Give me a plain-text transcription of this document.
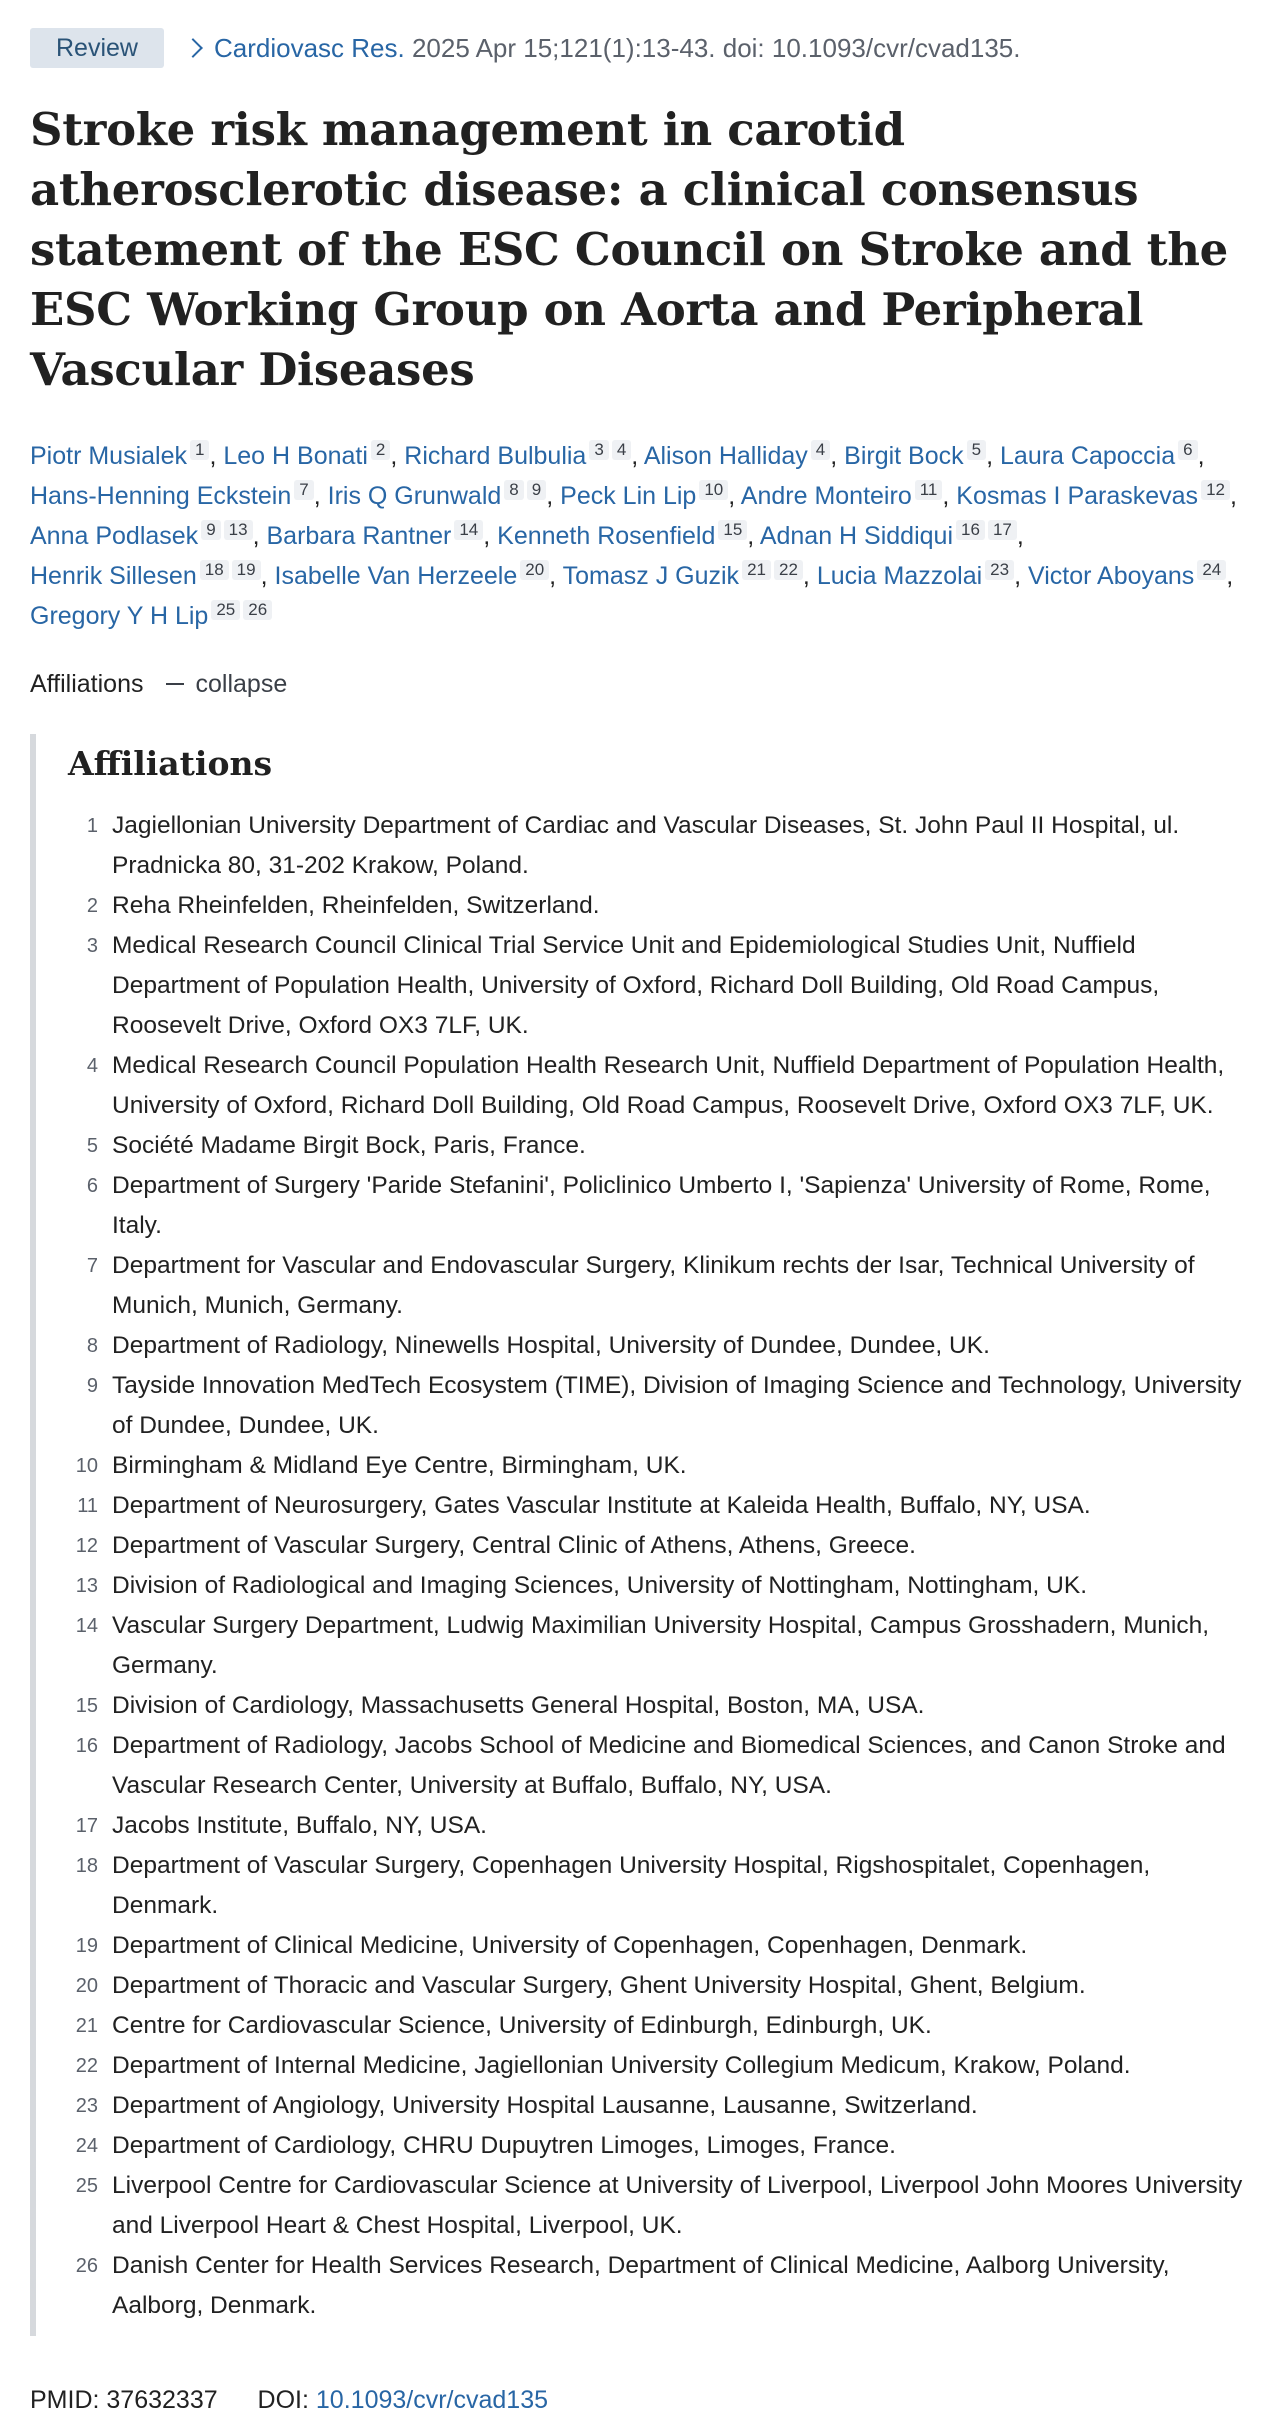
Review	Cardiovasc Res. 2025 Apr 15;121(1):13-43. doi: 10.1093/cvr/cvad135.
Stroke risk management in carotid atherosclerotic disease: a clinical consensus statement of the ESC Council on Stroke and the ESC Working Group on Aorta and Peripheral Vascular Diseases
Piotr Musialek 1 , Leo H Bonati 2 , Richard Bulbulia 3 4 , Alison Halliday 4 , Birgit Bock 5 , Laura Capoccia 6 , Hans-Henning Eckstein 7 , Iris Q Grunwald 8 9 , Peck Lin Lip 10 , Andre Monteiro 11 , Kosmas I Paraskevas 12 , Anna Podlasek 9 13 , Barbara Rantner 14 , Kenneth Rosenfield 15 , Adnan H Siddiqui 16 17 , Henrik Sillesen 18 19 , Isabelle Van Herzeele 20 , Tomasz J Guzik 21 22 , Lucia Mazzolai 23 , Victor Aboyans 24 , Gregory Y H Lip 25 26
Affiliations collapse
Affiliations
1 Jagiellonian University Department of Cardiac and Vascular Diseases, St. John Paul II Hospital, ul. Pradnicka 80, 31-202 Krakow, Poland.
2 Reha Rheinfelden, Rheinfelden, Switzerland.
3 Medical Research Council Clinical Trial Service Unit and Epidemiological Studies Unit, Nuffield Department of Population Health, University of Oxford, Richard Doll Building, Old Road Campus, Roosevelt Drive, Oxford OX3 7LF, UK.
4 Medical Research Council Population Health Research Unit, Nuffield Department of Population Health, University of Oxford, Richard Doll Building, Old Road Campus, Roosevelt Drive, Oxford OX3 7LF, UK.
5 Société Madame Birgit Bock, Paris, France.
6 Department of Surgery 'Paride Stefanini', Policlinico Umberto I, 'Sapienza' University of Rome, Rome, Italy.
7 Department for Vascular and Endovascular Surgery, Klinikum rechts der Isar, Technical University of Munich, Munich, Germany.
8 Department of Radiology, Ninewells Hospital, University of Dundee, Dundee, UK.
9 Tayside Innovation MedTech Ecosystem (TIME), Division of Imaging Science and Technology, University of Dundee, Dundee, UK.
10 Birmingham & Midland Eye Centre, Birmingham, UK.
11 Department of Neurosurgery, Gates Vascular Institute at Kaleida Health, Buffalo, NY, USA.
12 Department of Vascular Surgery, Central Clinic of Athens, Athens, Greece.
13 Division of Radiological and Imaging Sciences, University of Nottingham, Nottingham, UK.
14 Vascular Surgery Department, Ludwig Maximilian University Hospital, Campus Grosshadern, Munich, Germany.
15 Division of Cardiology, Massachusetts General Hospital, Boston, MA, USA.
16 Department of Radiology, Jacobs School of Medicine and Biomedical Sciences, and Canon Stroke and Vascular Research Center, University at Buffalo, Buffalo, NY, USA.
17 Jacobs Institute, Buffalo, NY, USA.
18 Department of Vascular Surgery, Copenhagen University Hospital, Rigshospitalet, Copenhagen, Denmark.
19 Department of Clinical Medicine, University of Copenhagen, Copenhagen, Denmark.
20 Department of Thoracic and Vascular Surgery, Ghent University Hospital, Ghent, Belgium.
21 Centre for Cardiovascular Science, University of Edinburgh, Edinburgh, UK.
22 Department of Internal Medicine, Jagiellonian University Collegium Medicum, Krakow, Poland.
23 Department of Angiology, University Hospital Lausanne, Lausanne, Switzerland.
24 Department of Cardiology, CHRU Dupuytren Limoges, Limoges, France.
25 Liverpool Centre for Cardiovascular Science at University of Liverpool, Liverpool John Moores University and Liverpool Heart & Chest Hospital, Liverpool, UK.
26 Danish Center for Health Services Research, Department of Clinical Medicine, Aalborg University, Aalborg, Denmark.
PMID: 37632337 DOI: 10.1093/cvr/cvad135
